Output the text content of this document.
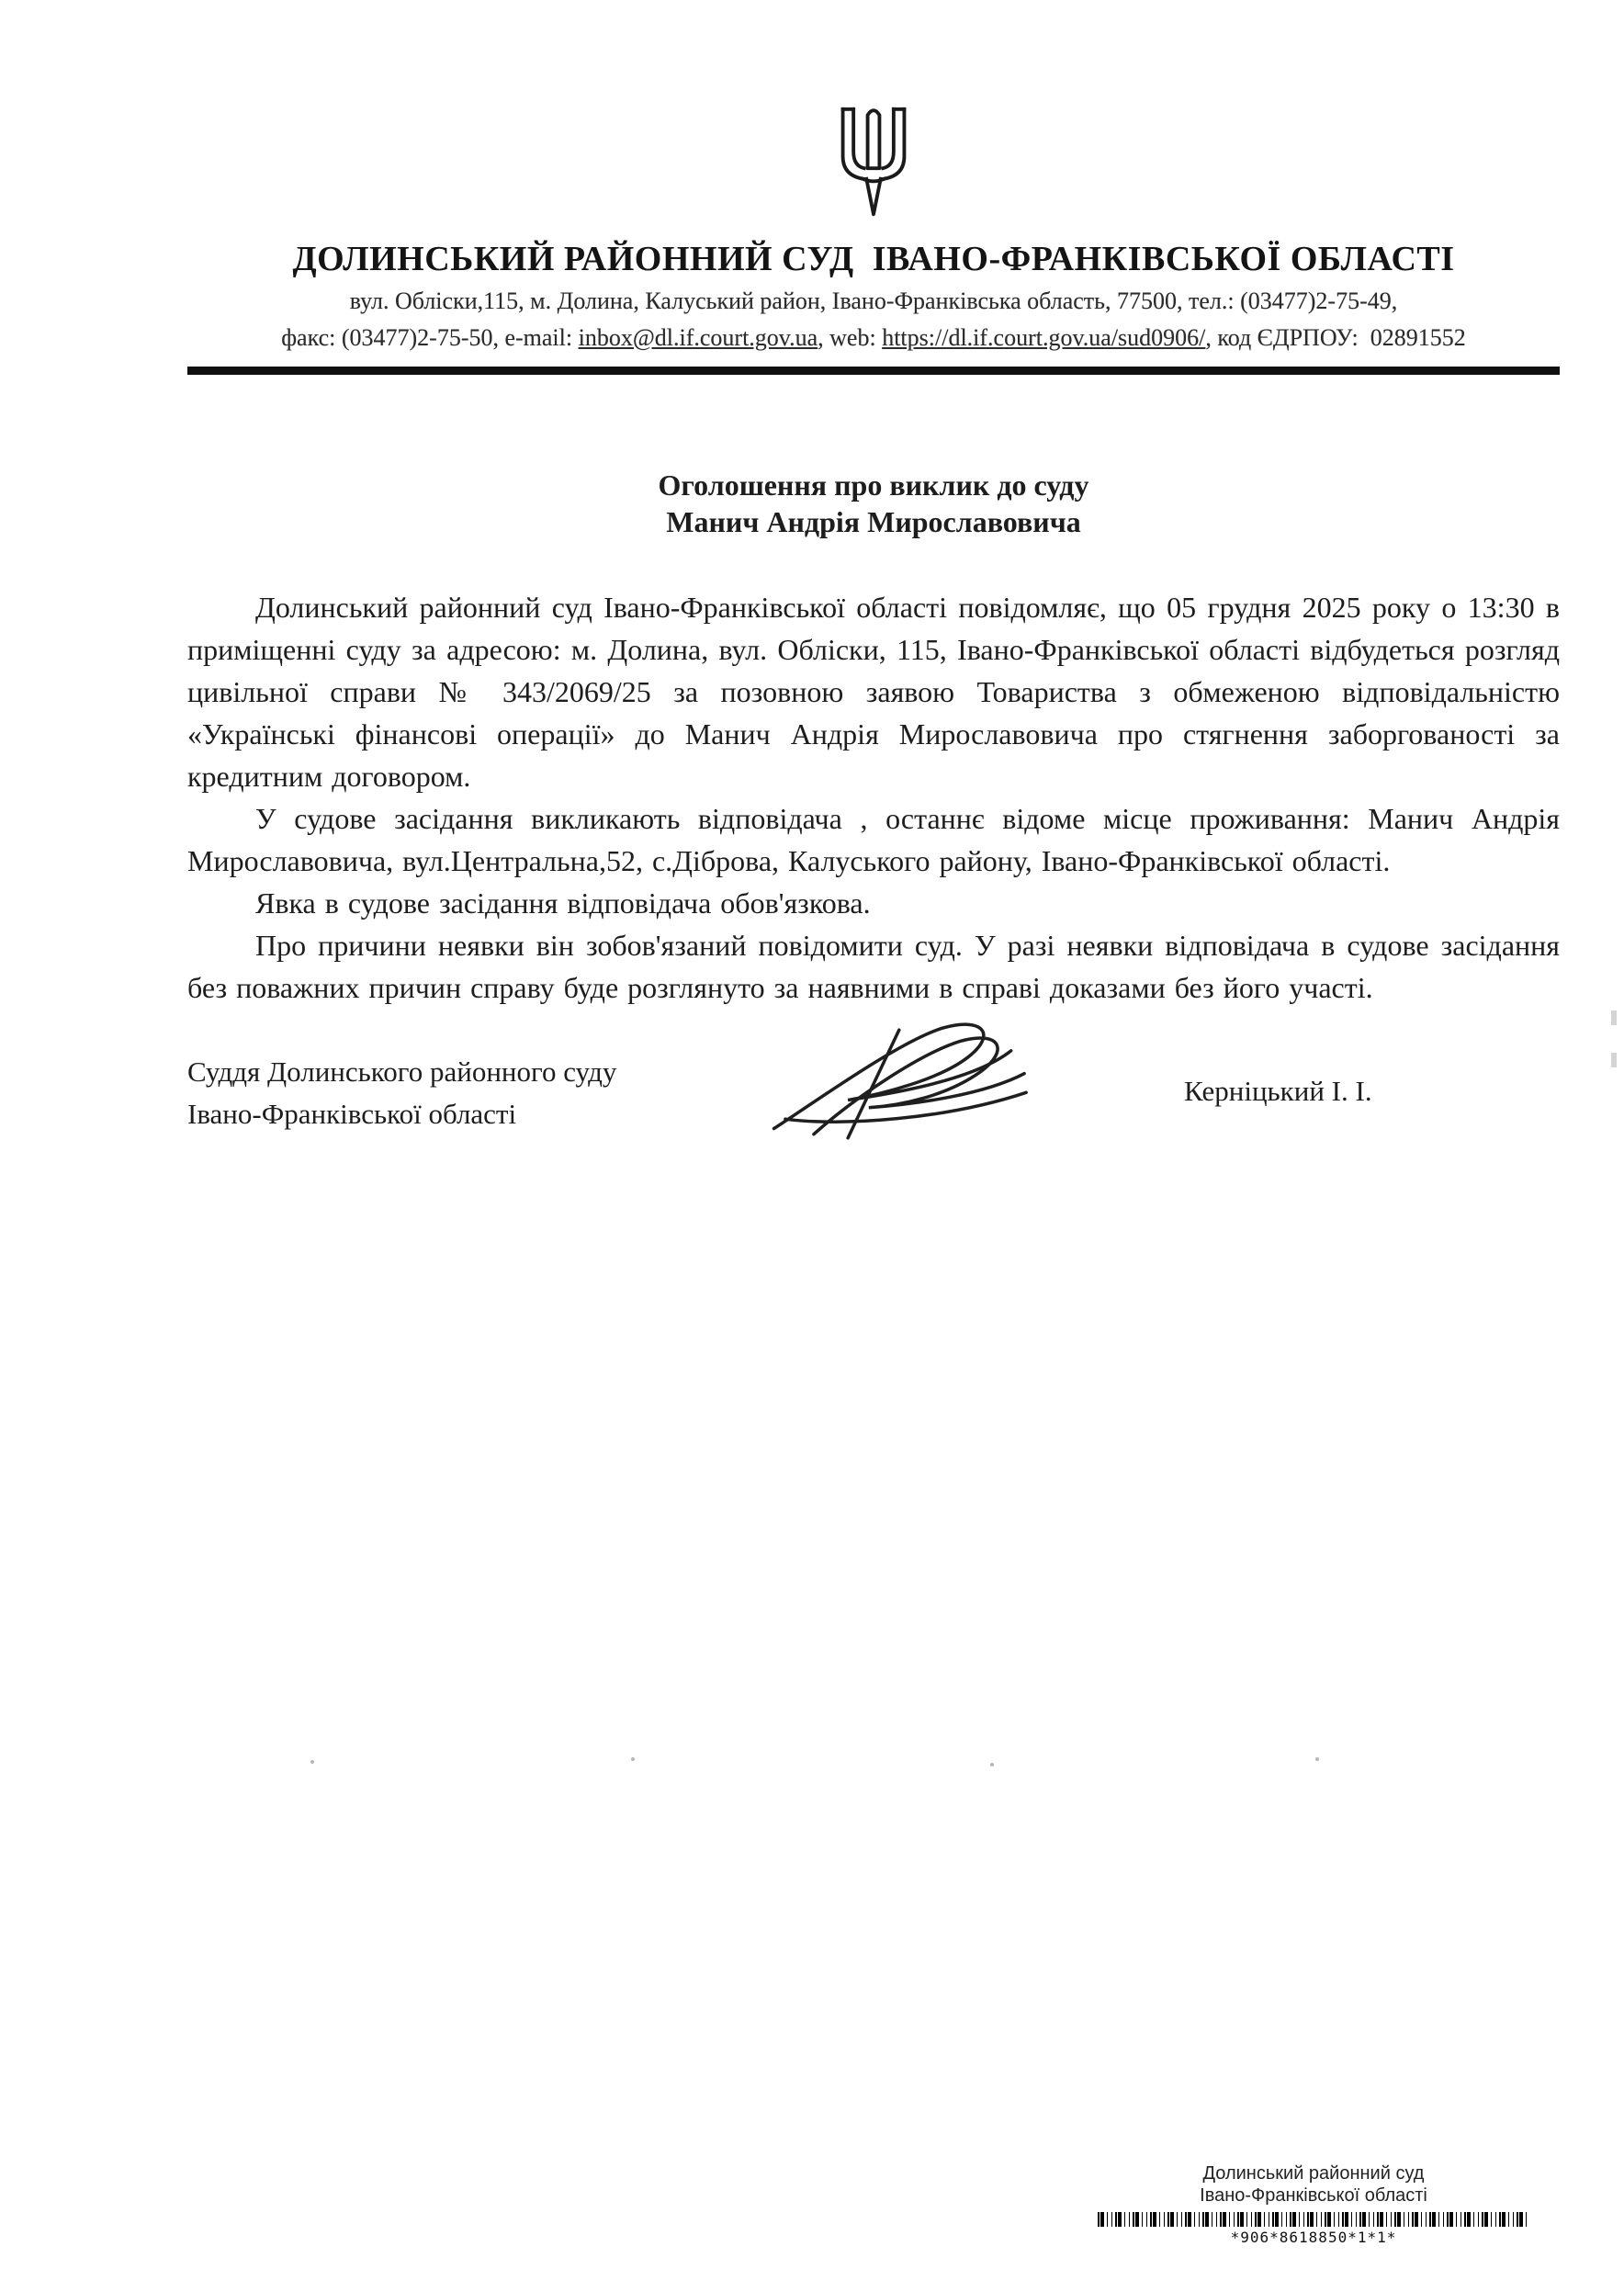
ДОЛИНСЬКИЙ РАЙОННИЙ СУД  ІВАНО-ФРАНКІВСЬКОЇ ОБЛАСТІ

вул. Обліски,115, м. Долина, Калуський район, Івано-Франківська область, 77500, тел.: (03477)2-75-49,

факс: (03477)2-75-50, e-mail: inbox@dl.if.court.gov.ua, web: https://dl.if.court.gov.ua/sud0906/, код ЄДРПОУ:  02891552

Оголошення про виклик до суду

Манич Андрія Мирославовича

Долинський районний суд Івано-Франківської області повідомляє, що 05 грудня 2025 року о 13:30 в приміщенні суду за адресою: м. Долина, вул. Обліски, 115, Івано-Франківської області відбудеться розгляд цивільної справи № 343/2069/25 за позовною заявою Товариства з обмеженою відповідальністю «Українські фінансові операції» до Манич Андрія Мирославовича про стягнення заборгованості за кредитним договором.

У судове засідання викликають відповідача , останнє відоме місце проживання: Манич Андрія Мирославовича, вул.Центральна,52, с.Діброва, Калуського району, Івано-Франківської області.

Явка в судове засідання відповідача обов'язкова.

Про причини неявки він зобов'язаний повідомити суд. У разі неявки відповідача в судове засідання без поважних причин справу буде розглянуто за наявними в справі доказами без його участі.

Суддя Долинського районного суду

Івано-Франківської області

Керніцький І. І.

Долинський районний суд

Івано-Франківської області

*906*8618850*1*1*
